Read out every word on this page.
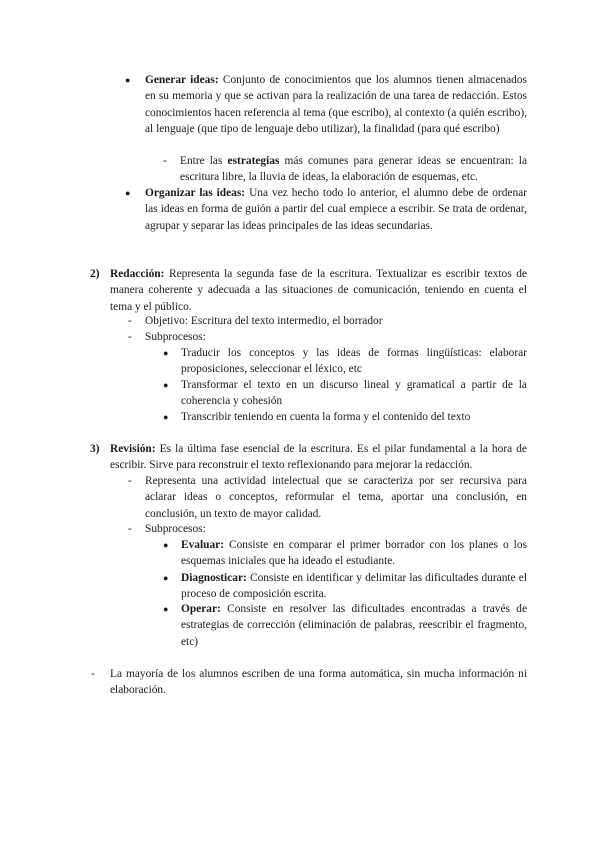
● Generar ideas: Conjunto de conocimientos que los alumnos tienen almacenados en su memoria y que se activan para la realización de una tarea de redacción. Estos conocimientos hacen referencia al tema (que escribo), al contexto (a quién escribo), al lenguaje (que tipo de lenguaje debo utilizar), la finalidad (para qué escribo)
- Entre las estrategias más comunes para generar ideas se encuentran: la escritura libre, la lluvia de ideas, la elaboración de esquemas, etc.
● Organizar las ideas: Una vez hecho todo lo anterior, el alumno debe de ordenar las ideas en forma de guión a partir del cual empiece a escribir. Se trata de ordenar, agrupar y separar las ideas principales de las ideas secundarias.
2) Redacción: Representa la segunda fase de la escritura. Textualizar es escribir textos de manera coherente y adecuada a las situaciones de comunicación, teniendo en cuenta el tema y el público.
- Objetivo: Escritura del texto intermedio, el borrador
- Subprocesos:
● Traducir los conceptos y las ideas de formas lingüísticas: elaborar proposiciones, seleccionar el léxico, etc
● Transformar el texto en un discurso lineal y gramatical a partir de la coherencia y cohesión
● Transcribir teniendo en cuenta la forma y el contenido del texto
3) Revisión: Es la última fase esencial de la escritura. Es el pilar fundamental a la hora de escribir. Sirve para reconstruir el texto reflexionando para mejorar la redacción.
- Representa una actividad intelectual que se caracteriza por ser recursiva para aclarar ideas o conceptos, reformular el tema, aportar una conclusión, en conclusión, un texto de mayor calidad.
- Subprocesos:
● Evaluar: Consiste en comparar el primer borrador con los planes o los esquemas iniciales que ha ideado el estudiante.
● Diagnosticar: Consiste en identificar y delimitar las dificultades durante el proceso de composición escrita.
● Operar: Consiste en resolver las dificultades encontradas a través de estrategias de corrección (eliminación de palabras, reescribir el fragmento, etc)
- La mayoría de los alumnos escriben de una forma automática, sin mucha información ni elaboración.
